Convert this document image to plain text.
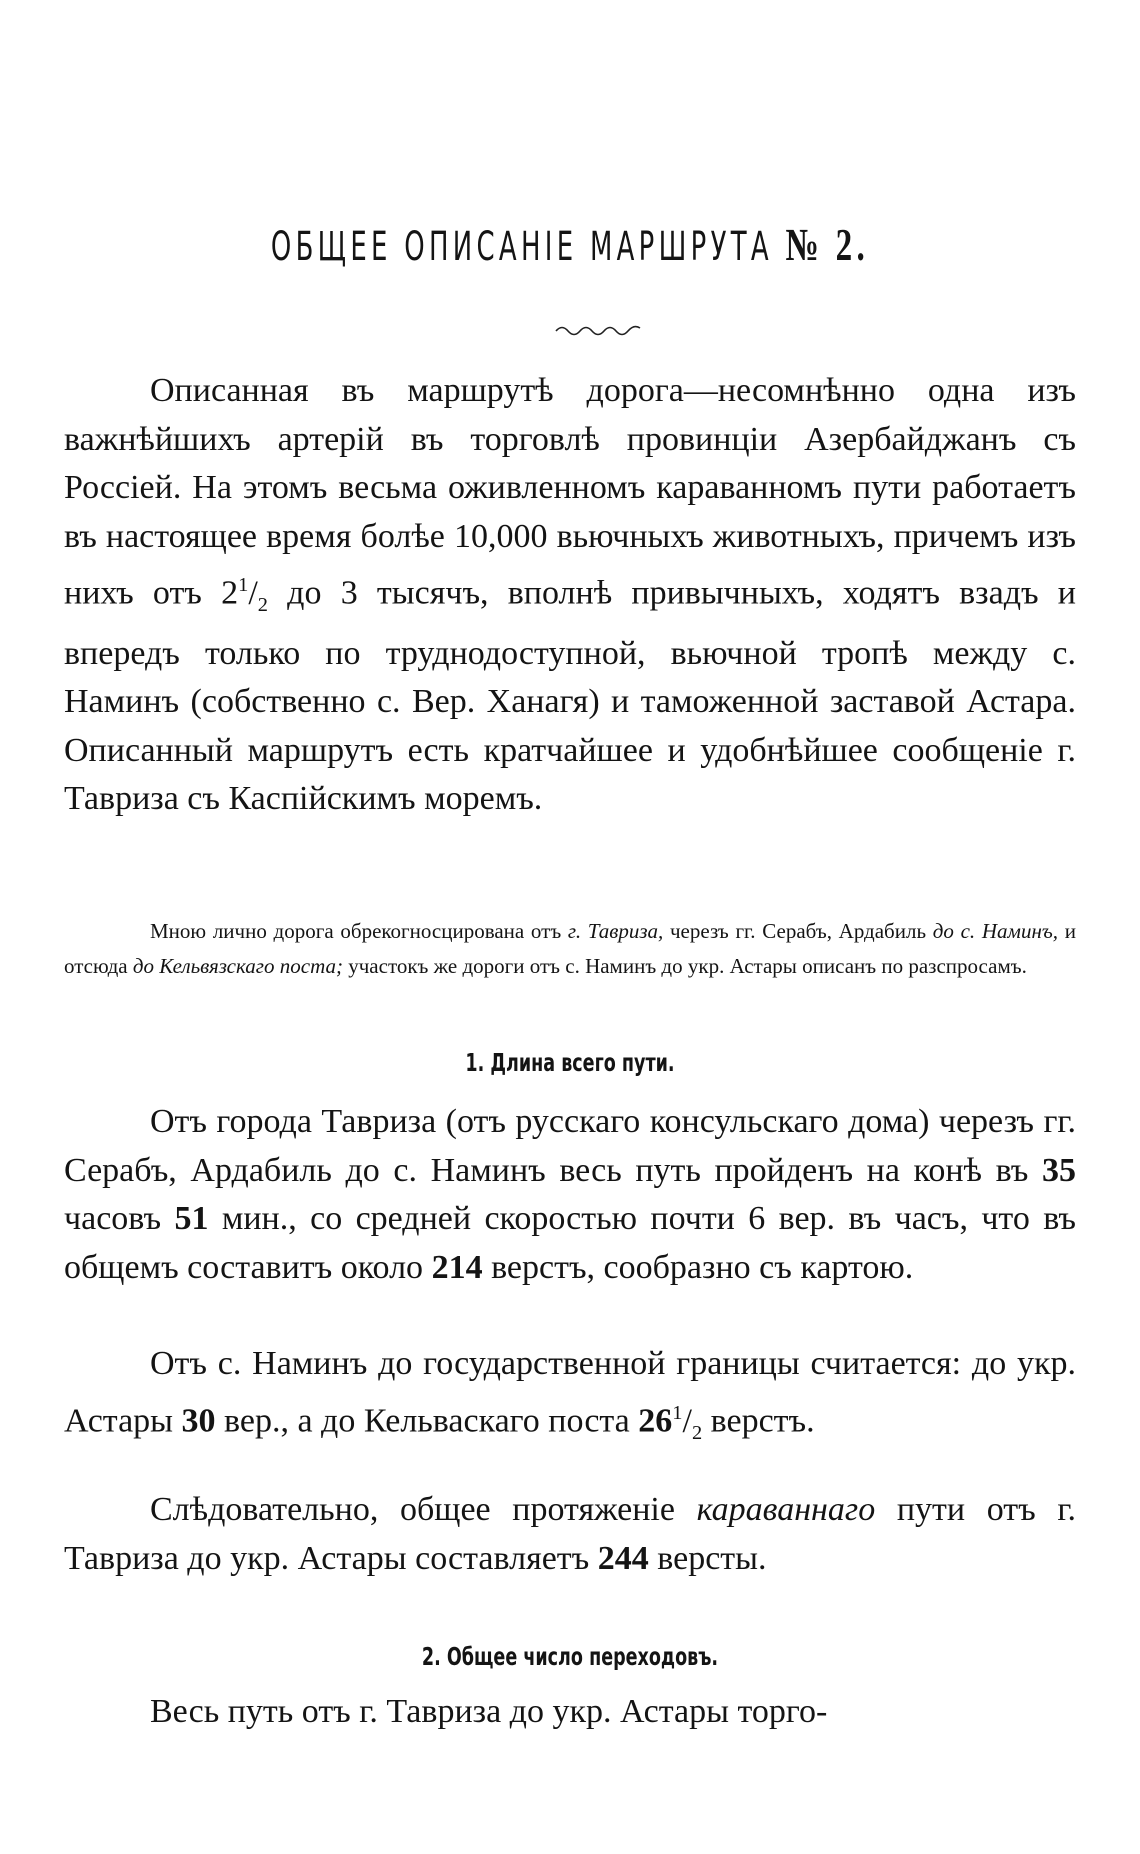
ОБЩЕЕ ОПИСАНІЕ МАРШРУТА № 2.

Описанная въ маршрутѣ дорога—несомнѣнно одна изъ важнѣйшихъ артерій въ торговлѣ провинціи Азербайджанъ съ Россіей. На этомъ весьма оживленномъ караванномъ пути работаетъ въ настоящее время болѣе 10,000 вьючныхъ животныхъ, причемъ изъ нихъ отъ $2^1/_2$ до 3 тысячъ, вполнѣ привычныхъ, ходятъ взадъ и впередъ только по труднодоступной, вьючной тропѣ между с. Наминъ (собственно с. Вер. Ханагя) и таможенной заставой Астара. Описанный маршрутъ есть кратчайшее и удобнѣйшее сообщеніе г. Тавриза съ Каспійскимъ моремъ.

Мною лично дорога обрекогносцирована отъ г. Тавриза, черезъ гг. Серабъ, Ардабиль до с. Наминъ, и отсюда до Кельвязскаго поста; участокъ же дороги отъ с. Наминъ до укр. Астары описанъ по разспросамъ.

1. Длина всего пути.

Отъ города Тавриза (отъ русскаго консульскаго дома) черезъ гг. Серабъ, Ардабиль до с. Наминъ весь путь пройденъ на конѣ въ 35 часовъ 51 мин., со средней скоростью почти 6 вер. въ часъ, что въ общемъ составитъ около 214 верстъ, сообразно съ картою.

Отъ с. Наминъ до государственной границы считается: до укр. Астары 30 вер., а до Кельваскаго поста $26^1/_2$ верстъ.

Слѣдовательно, общее протяженіе караваннаго пути отъ г. Тавриза до укр. Астары составляетъ 244 версты.

2. Общее число переходовъ.

Весь путь отъ г. Тавриза до укр. Астары торго-
